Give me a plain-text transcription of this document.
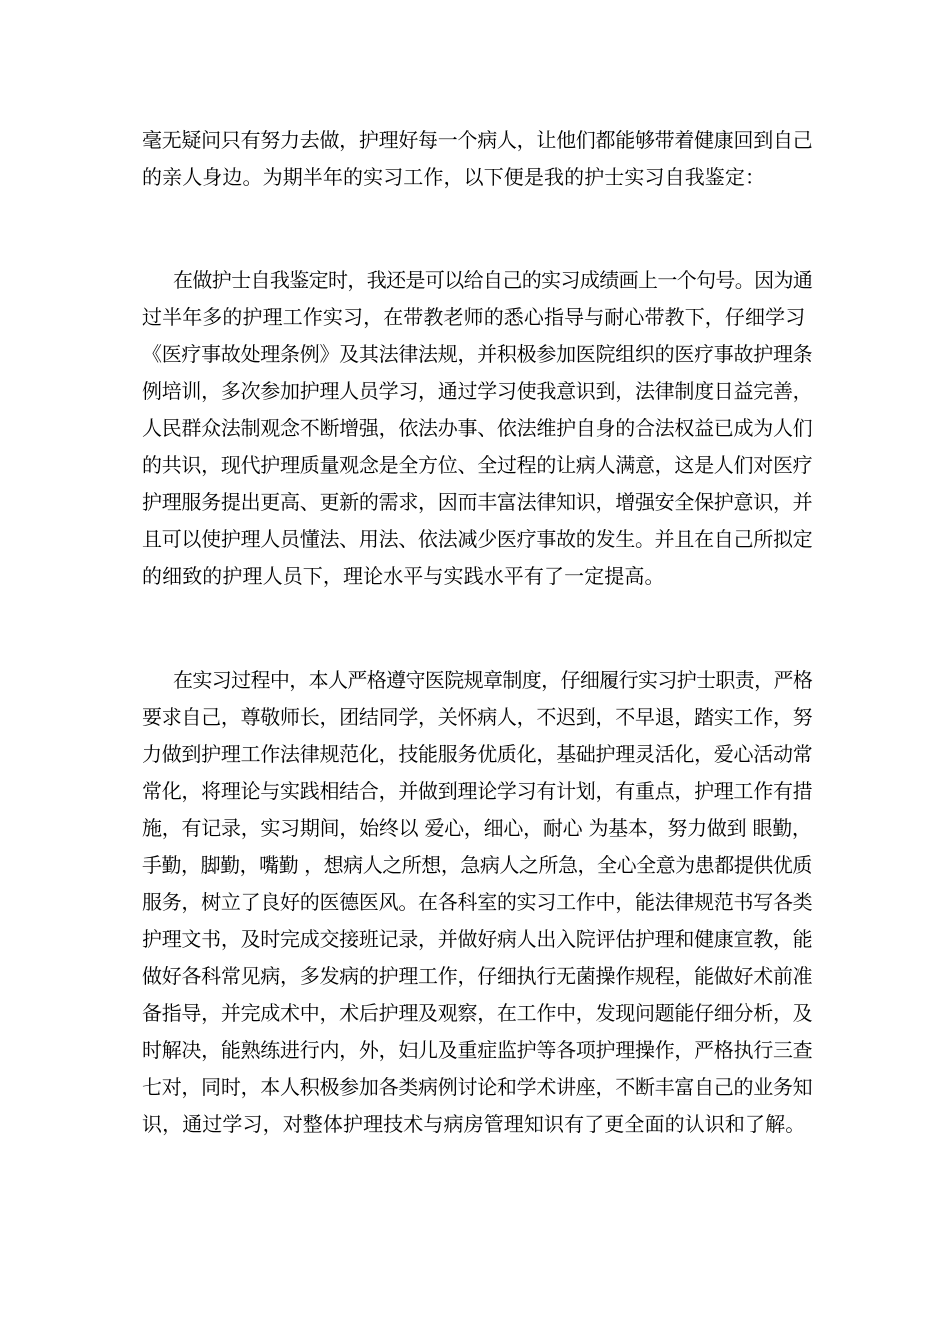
毫无疑问只有努力去做，护理好每一个病人，让他们都能够带着健康回到自己
的亲人身边。为期半年的实习工作，以下便是我的护士实习自我鉴定：
在做护士自我鉴定时，我还是可以给自己的实习成绩画上一个句号。因为通
过半年多的护理工作实习，在带教老师的悉心指导与耐心带教下，仔细学习
《医疗事故处理条例》及其法律法规，并积极参加医院组织的医疗事故护理条
例培训，多次参加护理人员学习，通过学习使我意识到，法律制度日益完善，
人民群众法制观念不断增强，依法办事、依法维护自身的合法权益已成为人们
的共识，现代护理质量观念是全方位、全过程的让病人满意，这是人们对医疗
护理服务提出更高、更新的需求，因而丰富法律知识，增强安全保护意识，并
且可以使护理人员懂法、用法、依法减少医疗事故的发生。并且在自己所拟定
的细致的护理人员下，理论水平与实践水平有了一定提高。
在实习过程中，本人严格遵守医院规章制度，仔细履行实习护士职责，严格
要求自己，尊敬师长，团结同学，关怀病人，不迟到，不早退，踏实工作，努
力做到护理工作法律规范化，技能服务优质化，基础护理灵活化，爱心活动常
常化，将理论与实践相结合，并做到理论学习有计划，有重点，护理工作有措
施，有记录，实习期间，始终以 爱心，细心，耐心 为基本，努力做到 眼勤，
手勤，脚勤，嘴勤 ，想病人之所想，急病人之所急，全心全意为患都提供优质
服务，树立了良好的医德医风。在各科室的实习工作中，能法律规范书写各类
护理文书，及时完成交接班记录，并做好病人出入院评估护理和健康宣教，能
做好各科常见病，多发病的护理工作，仔细执行无菌操作规程，能做好术前准
备指导，并完成术中，术后护理及观察，在工作中，发现问题能仔细分析，及
时解决，能熟练进行内，外，妇儿及重症监护等各项护理操作，严格执行三查
七对，同时，本人积极参加各类病例讨论和学术讲座，不断丰富自己的业务知
识，通过学习，对整体护理技术与病房管理知识有了更全面的认识和了解。
